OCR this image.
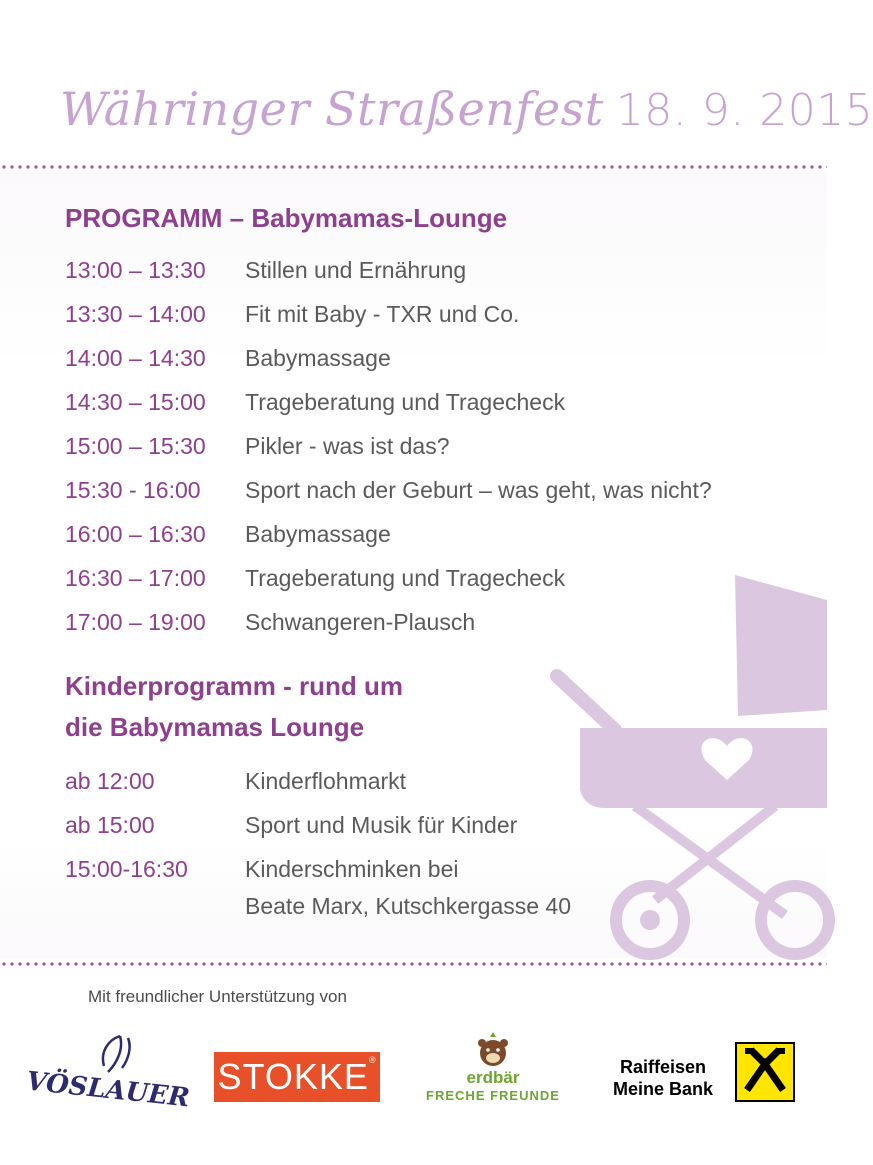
Währinger Straßenfest 18. 9. 2015
PROGRAMM – Babymamas-Lounge
13:00 – 13:30 Stillen und Ernährung
13:30 – 14:00 Fit mit Baby - TXR und Co.
14:00 – 14:30 Babymassage
14:30 – 15:00 Trageberatung und Tragecheck
15:00 – 15:30 Pikler - was ist das?
15:30 - 16:00 Sport nach der Geburt – was geht, was nicht?
16:00 – 16:30 Babymassage
16:30 – 17:00 Trageberatung und Tragecheck
17:00 – 19:00 Schwangeren-Plausch
Kinderprogramm - rund um
die Babymamas Lounge
ab 12:00	Kinderflohmarkt
ab 15:00	Sport und Musik für Kinder
15:00-16:30 Kinderschminken bei
Beate Marx, Kutschkergasse 40
Mit freundlicher Unterstützung von
VÖSLAUER STOKKE®
erdbär
FRECHE FREUNDE
Raiffeisen
Meine Bank
